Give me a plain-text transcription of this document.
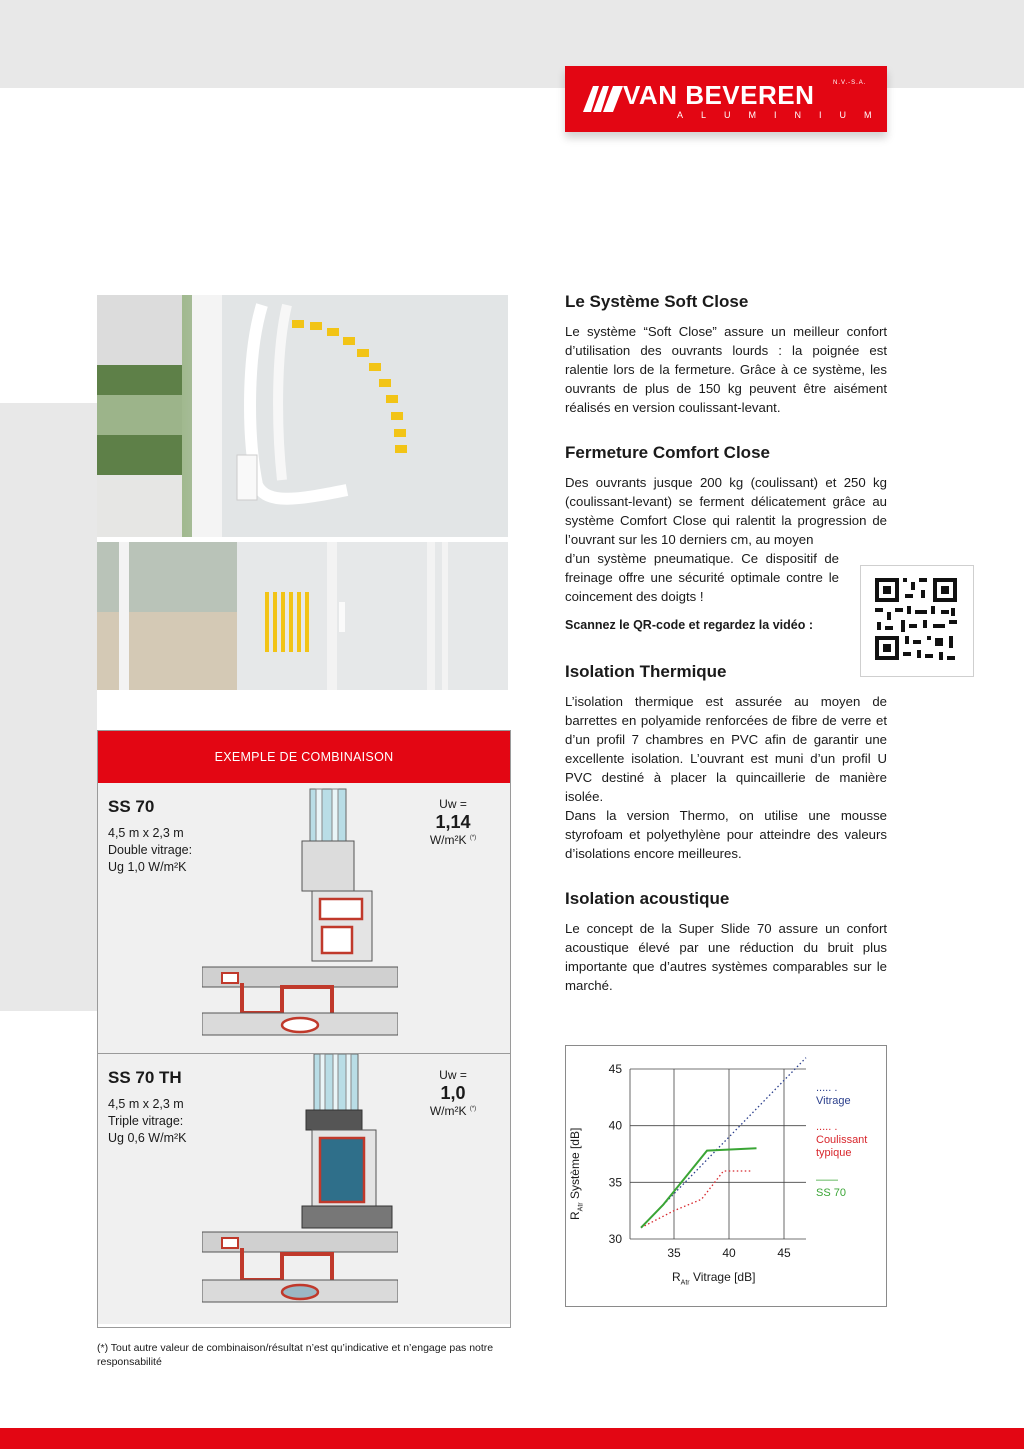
VAN BEVEREN	N.V.-S.A.
ALUMINIUM
Le Système Soft Close

Le système “Soft Close” assure un meilleur confort d’utilisation des ouvrants lourds : la poignée est ralentie lors de la fermeture. Grâce à ce système, les ouvrants de plus de 150 kg peuvent être aisément réalisés en version coulissant-levant.

Fermeture Comfort Close

Des ouvrants jusque 200 kg (coulissant) et 250 kg (coulissant-levant) se ferment délicatement grâce au système Comfort Close qui ralentit la progression de l’ouvrant sur les 10 derniers cm, au moyen

d’un système pneumatique. Ce dispositif de freinage offre une sécurité optimale contre le coincement des doigts !

Scannez le QR-code et regardez la vidéo :
Isolation Thermique

L’isolation thermique est assurée au moyen de barrettes en polyamide renforcées de fibre de verre et d’un profil 7 chambres en PVC afin de garantir une excellente isolation. L’ouvrant est muni d’un profil U PVC destiné à placer la quincaillerie de manière isolée.

Dans la version Thermo, on utilise une mousse styrofoam et polyethylène pour atteindre des valeurs d’isolations encore meilleures.

Isolation acoustique

Le concept de la Super Slide 70 assure un confort acoustique élevé par une réduction du bruit plus importante que d’autres systèmes comparables sur le marché.

EXEMPLE DE COMBINAISON
SS 70
4,5 m x 2,3 m
Double vitrage:
Ug 1,0 W/m²K
Uw =
1,14
W/m²K (*)
SS 70 TH
4,5 m x 2,3 m
Triple vitrage:
Ug 0,6 W/m²K
Uw =
1,0
W/m²K (*)
(*) Tout autre valeur de combinaison/résultat n’est qu’indicative et n’engage pas notre responsabilité
30
35
40
45
35	40	45
$R_{Atr}$ Système [dB]
$R_{Atr}$ Vitrage [dB]
..... .
Vitrage
..... .
Coulissant typique
——
SS 70
